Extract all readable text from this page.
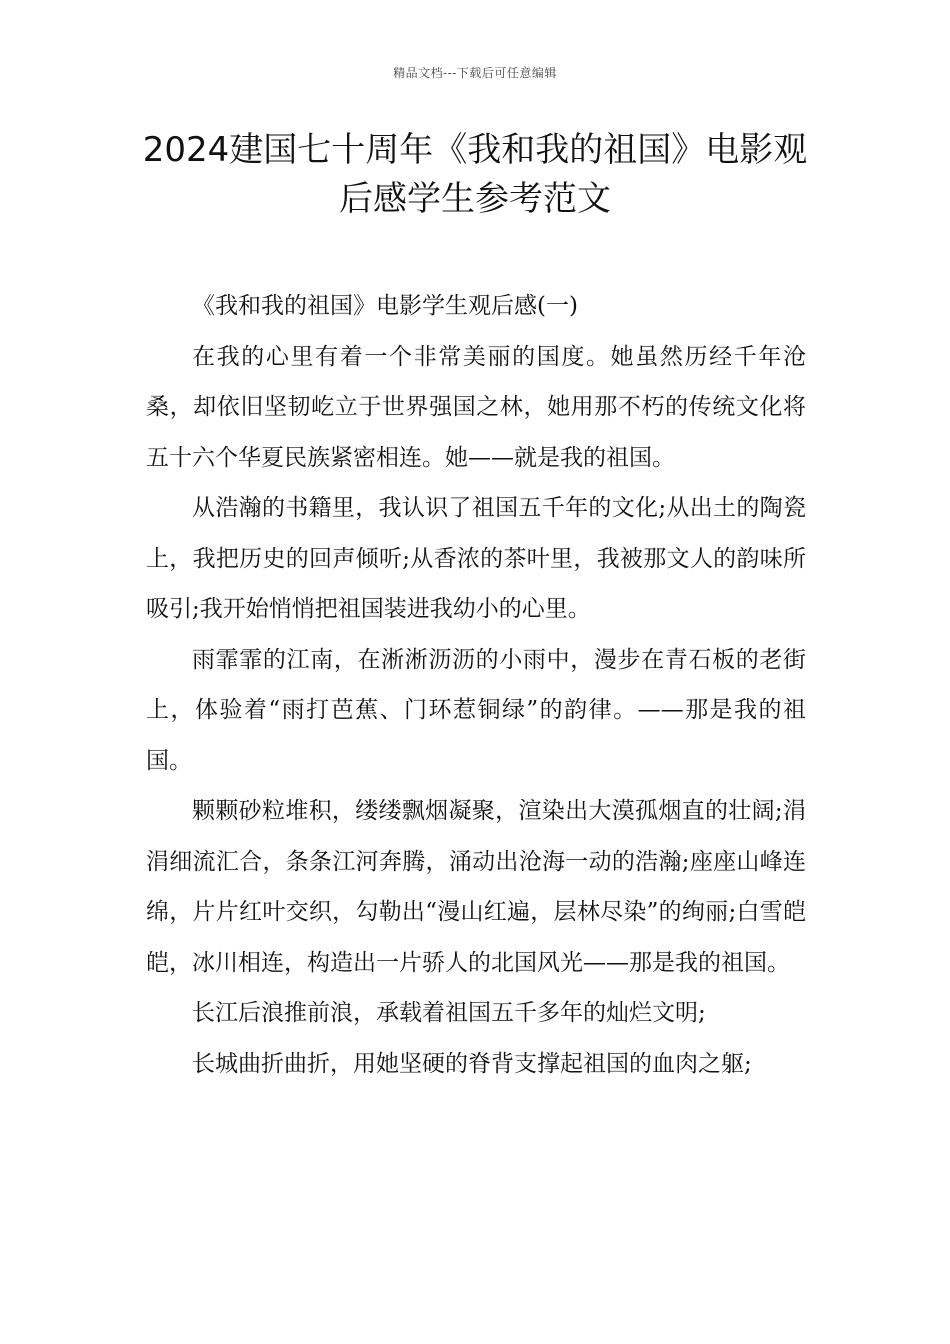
精品文档---下载后可任意编辑
2024建国七十周年《我和我的祖国》电影观后感学生参考范文

《我和我的祖国》电影学生观后感(一)

在我的心里有着一个非常美丽的国度。她虽然历经千年沧桑，却依旧坚韧屹立于世界强国之林，她用那不朽的传统文化将五十六个华夏民族紧密相连。她——就是我的祖国。

从浩瀚的书籍里，我认识了祖国五千年的文化;从出土的陶瓷上，我把历史的回声倾听;从香浓的茶叶里，我被那文人的韵味所吸引;我开始悄悄把祖国装进我幼小的心里。

雨霏霏的江南，在淅淅沥沥的小雨中，漫步在青石板的老街上，体验着“雨打芭蕉、门环惹铜绿”的韵律。——那是我的祖国。

颗颗砂粒堆积，缕缕飘烟凝聚，渲染出大漠孤烟直的壮阔;涓涓细流汇合，条条江河奔腾，涌动出沧海一动的浩瀚;座座山峰连绵，片片红叶交织，勾勒出“漫山红遍，层林尽染”的绚丽;白雪皑皑，冰川相连，构造出一片骄人的北国风光——那是我的祖国。

长江后浪推前浪，承载着祖国五千多年的灿烂文明;

长城曲折曲折，用她坚硬的脊背支撑起祖国的血肉之躯;
